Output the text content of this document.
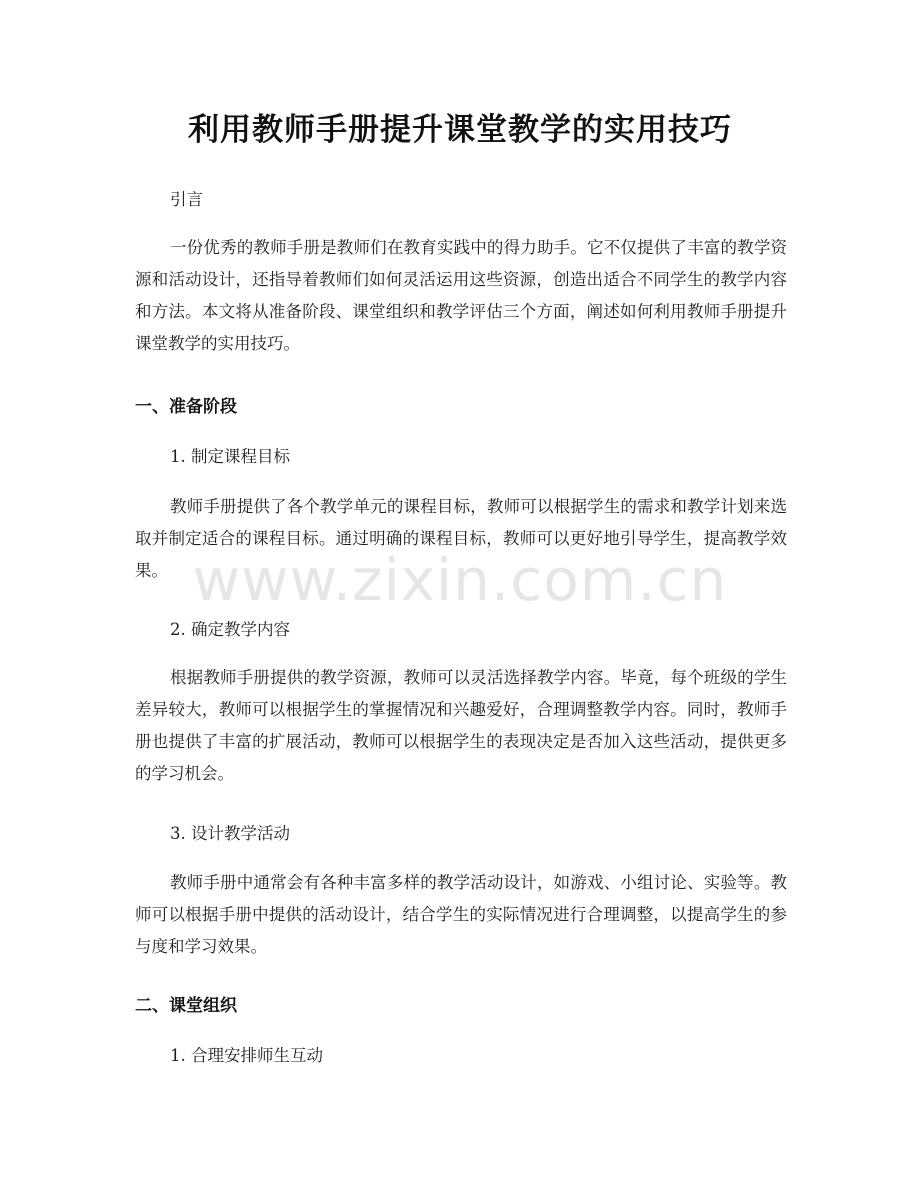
利用教师手册提升课堂教学的实用技巧

引言

一份优秀的教师手册是教师们在教育实践中的得力助手。它不仅提供了丰富的教学资源和活动设计，还指导着教师们如何灵活运用这些资源，创造出适合不同学生的教学内容和方法。本文将从准备阶段、课堂组织和教学评估三个方面，阐述如何利用教师手册提升课堂教学的实用技巧。

一、准备阶段

1. 制定课程目标

教师手册提供了各个教学单元的课程目标，教师可以根据学生的需求和教学计划来选取并制定适合的课程目标。通过明确的课程目标，教师可以更好地引导学生，提高教学效果。

2. 确定教学内容

根据教师手册提供的教学资源，教师可以灵活选择教学内容。毕竟，每个班级的学生差异较大，教师可以根据学生的掌握情况和兴趣爱好，合理调整教学内容。同时，教师手册也提供了丰富的扩展活动，教师可以根据学生的表现决定是否加入这些活动，提供更多的学习机会。

3. 设计教学活动

教师手册中通常会有各种丰富多样的教学活动设计，如游戏、小组讨论、实验等。教师可以根据手册中提供的活动设计，结合学生的实际情况进行合理调整，以提高学生的参与度和学习效果。

二、课堂组织

1. 合理安排师生互动

www.zixin.com.cn
